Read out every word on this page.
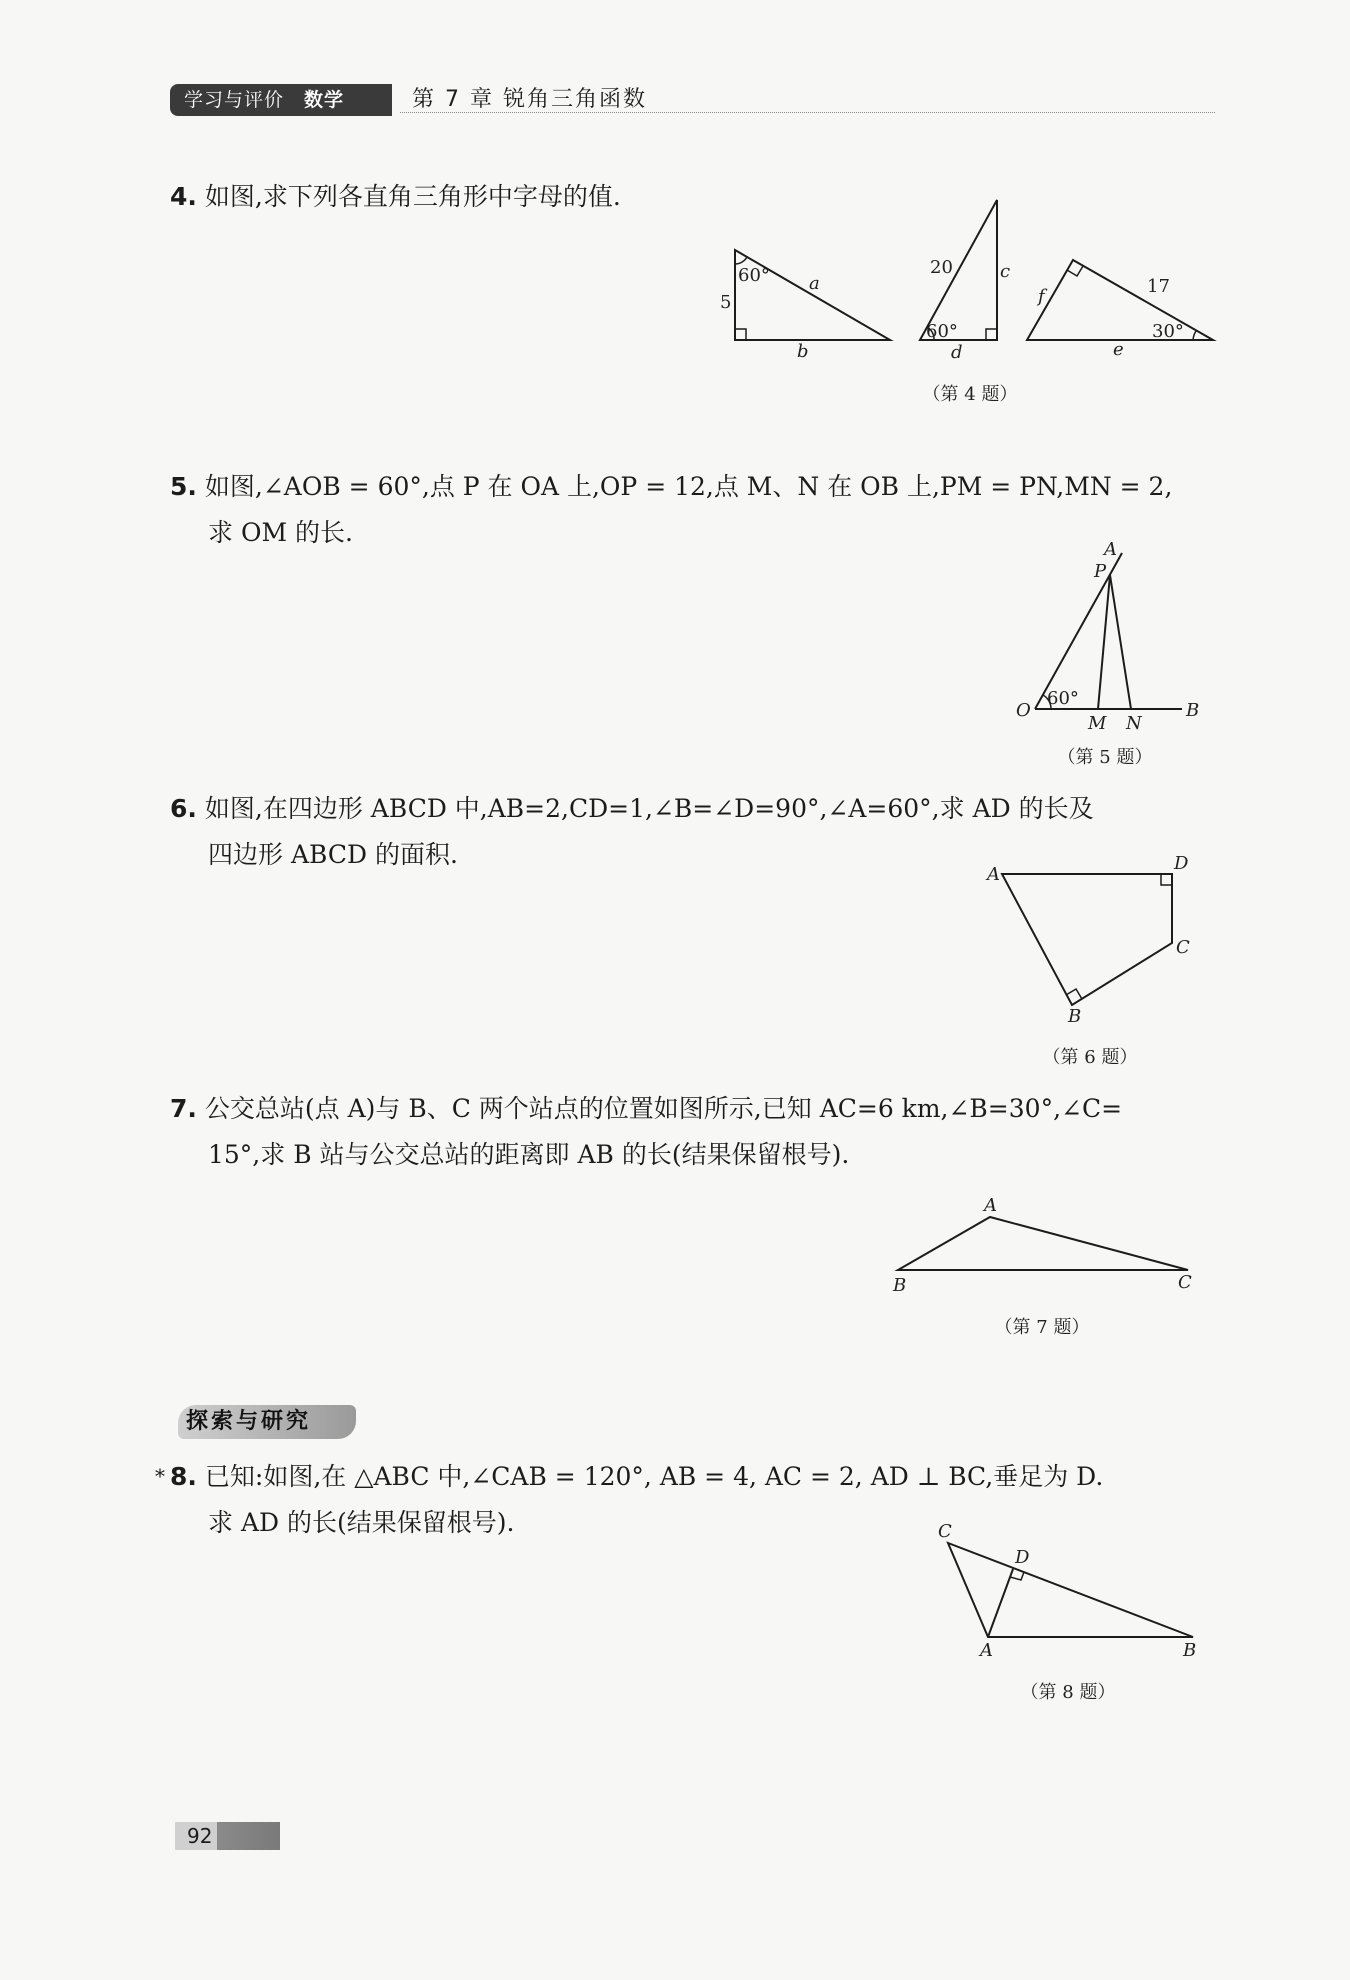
学习与评价 数学	第 7 章 锐角三角函数
4. 如图,求下列各直角三角形中字母的值.
5. 如图,∠AOB = 60°,点 P 在 OA 上,OP = 12,点 M、N 在 OB 上,PM = PN,MN = 2,
求 OM 的长.
6. 如图,在四边形 ABCD 中,AB=2,CD=1,∠B=∠D=90°,∠A=60°,求 AD 的长及
四边形 ABCD 的面积.
7. 公交总站(点 A)与 B、C 两个站点的位置如图所示,已知 AC=6 km,∠B=30°,∠C=
15°,求 B 站与公交总站的距离即 AB 的长(结果保留根号).
探索与研究
* 8. 已知:如图,在 △ABC 中,∠CAB = 120°, AB = 4, AC = 2, AD ⊥ BC,垂足为 D.
求 AD 的长(结果保留根号).
60°
5
a
b
20	c
60°
d
f	17
30°
e
A
P
O
60°
M N
B
A
D
C
B
A
B	C
C
D
A	B
（第 4 题）
（第 5 题）
（第 6 题）
（第 7 题）
（第 8 题）
92
